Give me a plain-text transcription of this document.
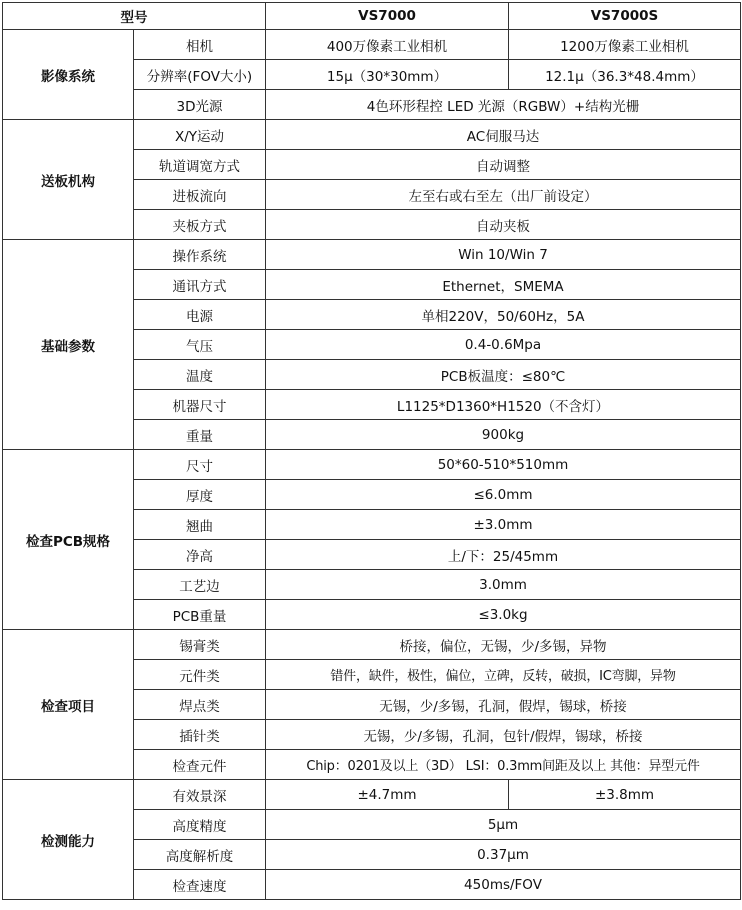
型号		VS7000	VS7000S
影像系统	相机	400万像素工业相机	1200万像素工业相机
	分辨率(FOV大小)	15μ（30*30mm）	12.1μ（36.3*48.4mm）
	3D光源	4色环形程控 LED 光源（RGBW）+结构光栅	
送板机构	X/Y运动	AC伺服马达	
	轨道调宽方式	自动调整	
	进板流向	左至右或右至左（出厂前设定）	
	夹板方式	自动夹板	
基础参数	操作系统	Win 10/Win 7	
	通讯方式	Ethernet，SMEMA	
	电源	单相220V，50/60Hz，5A	
	气压	0.4-0.6Mpa	
	温度	PCB板温度：≤80℃	
	机器尺寸	L1125*D1360*H1520（不含灯）	
	重量	900kg	
检查PCB规格	尺寸	50*60-510*510mm	
	厚度	≤6.0mm	
	翘曲	±3.0mm	
	净高	上/下：25/45mm	
	工艺边	3.0mm	
	PCB重量	≤3.0kg	
检查项目	锡膏类	桥接，偏位，无锡，少/多锡，异物	
	元件类	错件，缺件，极性，偏位，立碑，反转，破损，IC弯脚，异物	
	焊点类	无锡，少/多锡，孔洞，假焊，锡球，桥接	
	插针类	无锡，少/多锡，孔洞，包针/假焊，锡球，桥接	
	检查元件	Chip：0201及以上（3D） LSI：0.3mm间距及以上 其他：异型元件	
检测能力	有效景深	±4.7mm	±3.8mm
	高度精度	5μm	
	高度解析度	0.37μm	
	检查速度	450ms/FOV	
